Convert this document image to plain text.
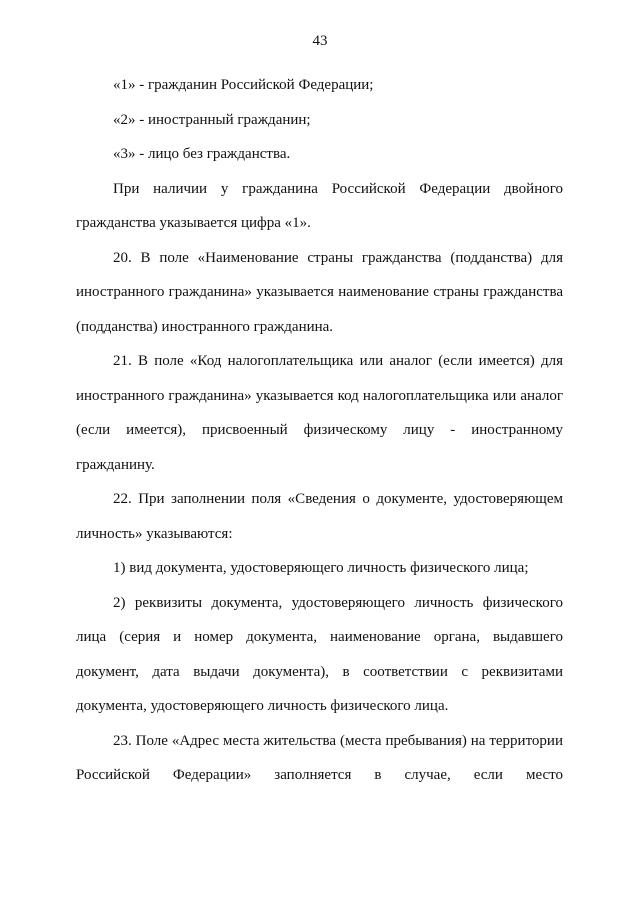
43

«1» - гражданин Российской Федерации;

«2» - иностранный гражданин;

«3» - лицо без гражданства.

При наличии у гражданина Российской Федерации двойного гражданства указывается цифра «1».

20. В поле «Наименование страны гражданства (подданства) для иностранного гражданина» указывается наименование страны гражданства (подданства) иностранного гражданина.

21. В поле «Код налогоплательщика или аналог (если имеется) для иностранного гражданина» указывается код налогоплательщика или аналог (если имеется), присвоенный физическому лицу - иностранному гражданину.

22. При заполнении поля «Сведения о документе, удостоверяющем личность» указываются:

1) вид документа, удостоверяющего личность физического лица;

2) реквизиты документа, удостоверяющего личность физического лица (серия и номер документа, наименование органа, выдавшего документ, дата выдачи документа), в соответствии с реквизитами документа, удостоверяющего личность физического лица.

23. Поле «Адрес места жительства (места пребывания) на территории Российской Федерации» заполняется в случае, если место
